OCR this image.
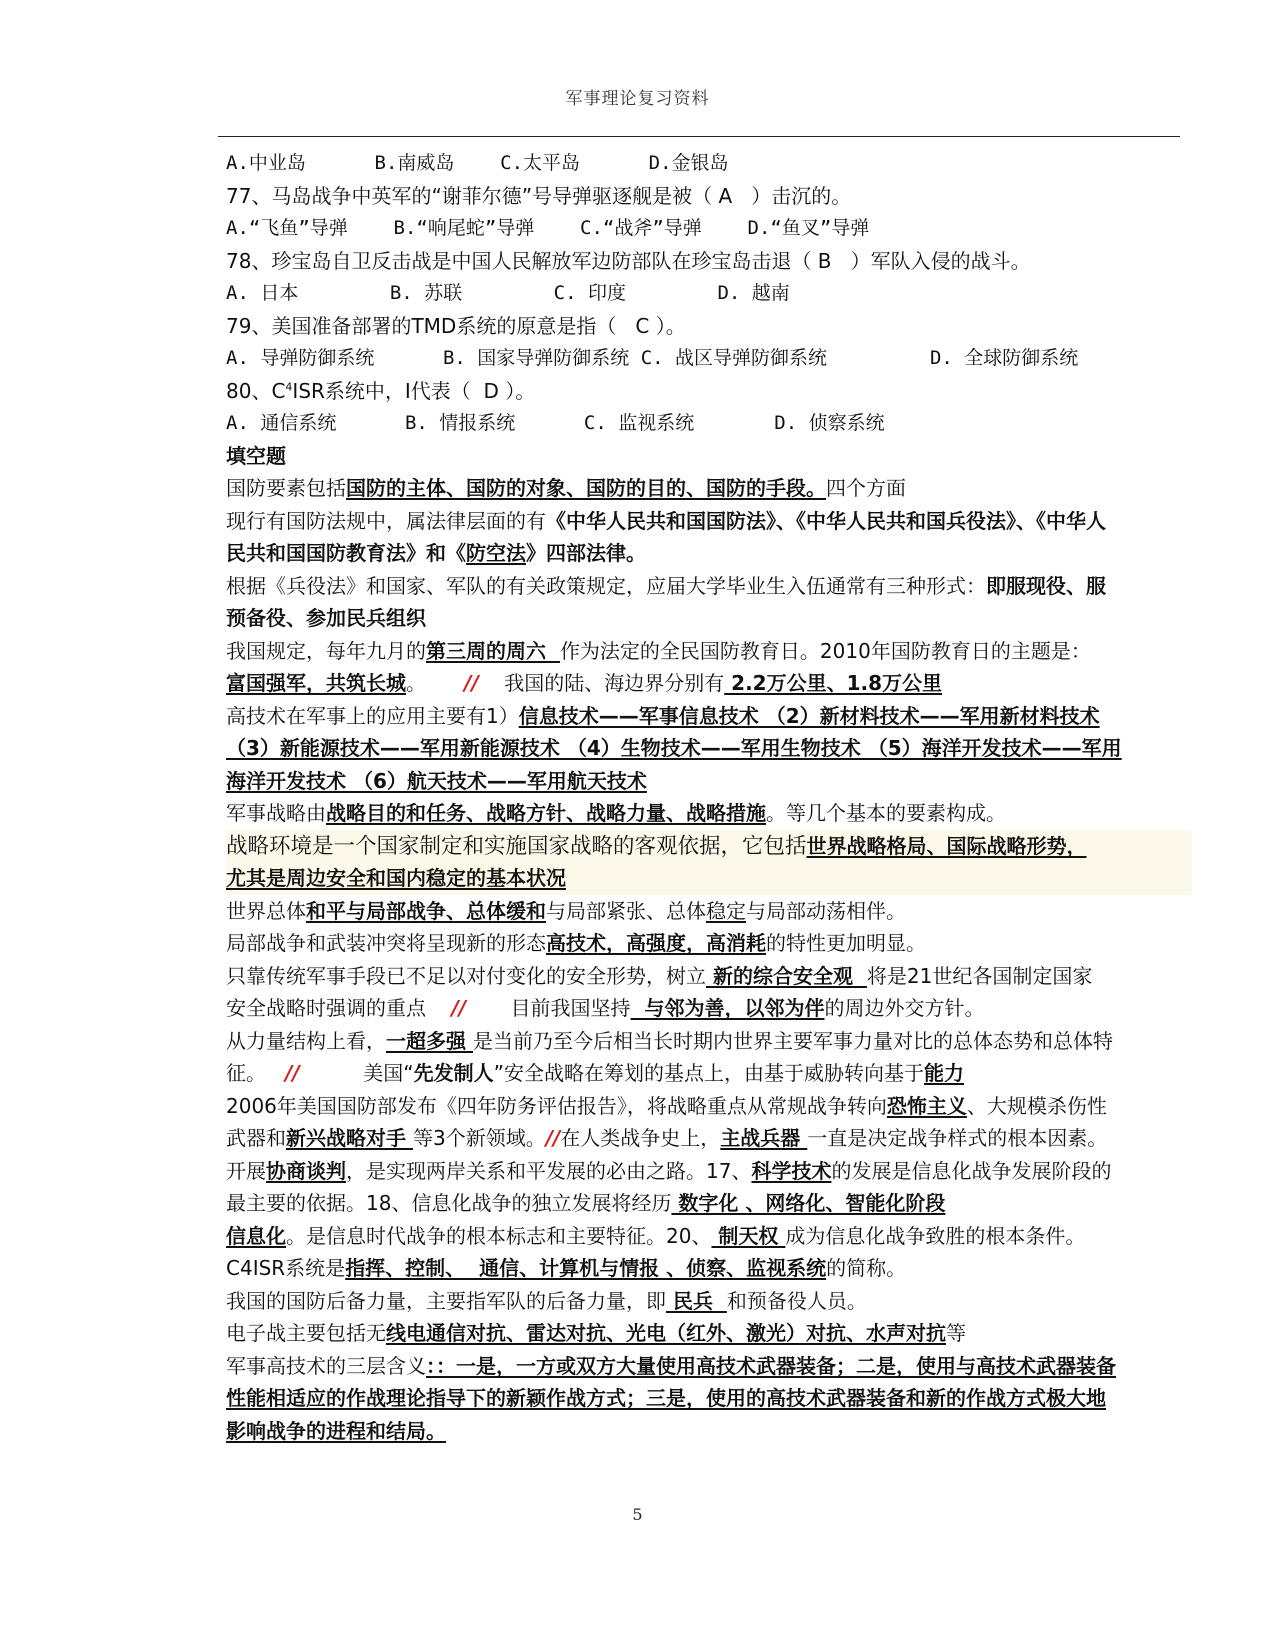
军事理论复习资料
A.中业岛      B.南威岛    C.太平岛      D.金银岛
77、马岛战争中英军的“谢菲尔德”号导弹驱逐舰是被（ A   ）击沉的。
A.“飞鱼”导弹    B.“响尾蛇”导弹    C.“战斧”导弹    D.“鱼叉”导弹
78、珍宝岛自卫反击战是中国人民解放军边防部队在珍宝岛击退（ B   ）军队入侵的战斗。
A. 日本        B. 苏联        C. 印度        D. 越南
79、美国准备部署的TMD系统的原意是指（   C ）。
A. 导弹防御系统      B. 国家导弹防御系统 C. 战区导弹防御系统         D. 全球防御系统
80、$C^4ISR$系统中，I代表（  D ）。
A. 通信系统      B. 情报系统      C. 监视系统       D. 侦察系统
填空题
国防要素包括国防的主体、国防的对象、国防的目的、国防的手段。四个方面
现行有国防法规中，属法律层面的有《中华人民共和国国防法》、《中华人民共和国兵役法》、《中华人
民共和国国防教育法》和《防空法》四部法律。
根据《兵役法》和国家、军队的有关政策规定，应届大学毕业生入伍通常有三种形式：即服现役、服
预备役、参加民兵组织
我国规定，每年九月的第三周的周六  作为法定的全民国防教育日。2010年国防教育日的主题是：
富国强军，共筑长城。 // 我国的陆、海边界分别有 2.2万公里、1.8万公里
高技术在军事上的应用主要有1）信息技术——军事信息技术 （2）新材料技术——军用新材料技术
（3）新能源技术——军用新能源技术 （4）生物技术——军用生物技术 （5）海洋开发技术——军用
海洋开发技术 （6）航天技术——军用航天技术
军事战略由战略目的和任务、战略方针、战略力量、战略措施。等几个基本的要素构成。
战略环境是一个国家制定和实施国家战略的客观依据，它包括世界战略格局、国际战略形势，
尤其是周边安全和国内稳定的基本状况
世界总体和平与局部战争、总体缓和与局部紧张、总体稳定与局部动荡相伴。
局部战争和武装冲突将呈现新的形态高技术，高强度，高消耗的特性更加明显。
只靠传统军事手段已不足以对付变化的安全形势，树立 新的综合安全观  将是21世纪各国制定国家
安全战略时强调的重点 // 目前我国坚持  与邻为善，以邻为伴的周边外交方针。
从力量结构上看，一超多强 是当前乃至今后相当长时期内世界主要军事力量对比的总体态势和总体特
征。 //	美国“先发制人”安全战略在筹划的基点上，由基于威胁转向基于能力
2006年美国国防部发布《四年防务评估报告》，将战略重点从常规战争转向恐怖主义、大规模杀伤性
武器和新兴战略对手 等3个新领域。//在人类战争史上，主战兵器 一直是决定战争样式的根本因素。
开展协商谈判，是实现两岸关系和平发展的必由之路。17、科学技术的发展是信息化战争发展阶段的
最主要的依据。18、信息化战争的独立发展将经历 数字化 、网络化、智能化阶段
信息化。是信息时代战争的根本标志和主要特征。20、 制天权 成为信息化战争致胜的根本条件。
C4ISR系统是指挥、控制、  通信、计算机与情报 、侦察、监视系统的简称。
我国的国防后备力量，主要指军队的后备力量，即 民兵  和预备役人员。
电子战主要包括无线电通信对抗、雷达对抗、光电（红外、激光）对抗、水声对抗等
军事高技术的三层含义：：一是，一方或双方大量使用高技术武器装备；二是，使用与高技术武器装备
性能相适应的作战理论指导下的新颖作战方式；三是，使用的高技术武器装备和新的作战方式极大地
影响战争的进程和结局。
5
